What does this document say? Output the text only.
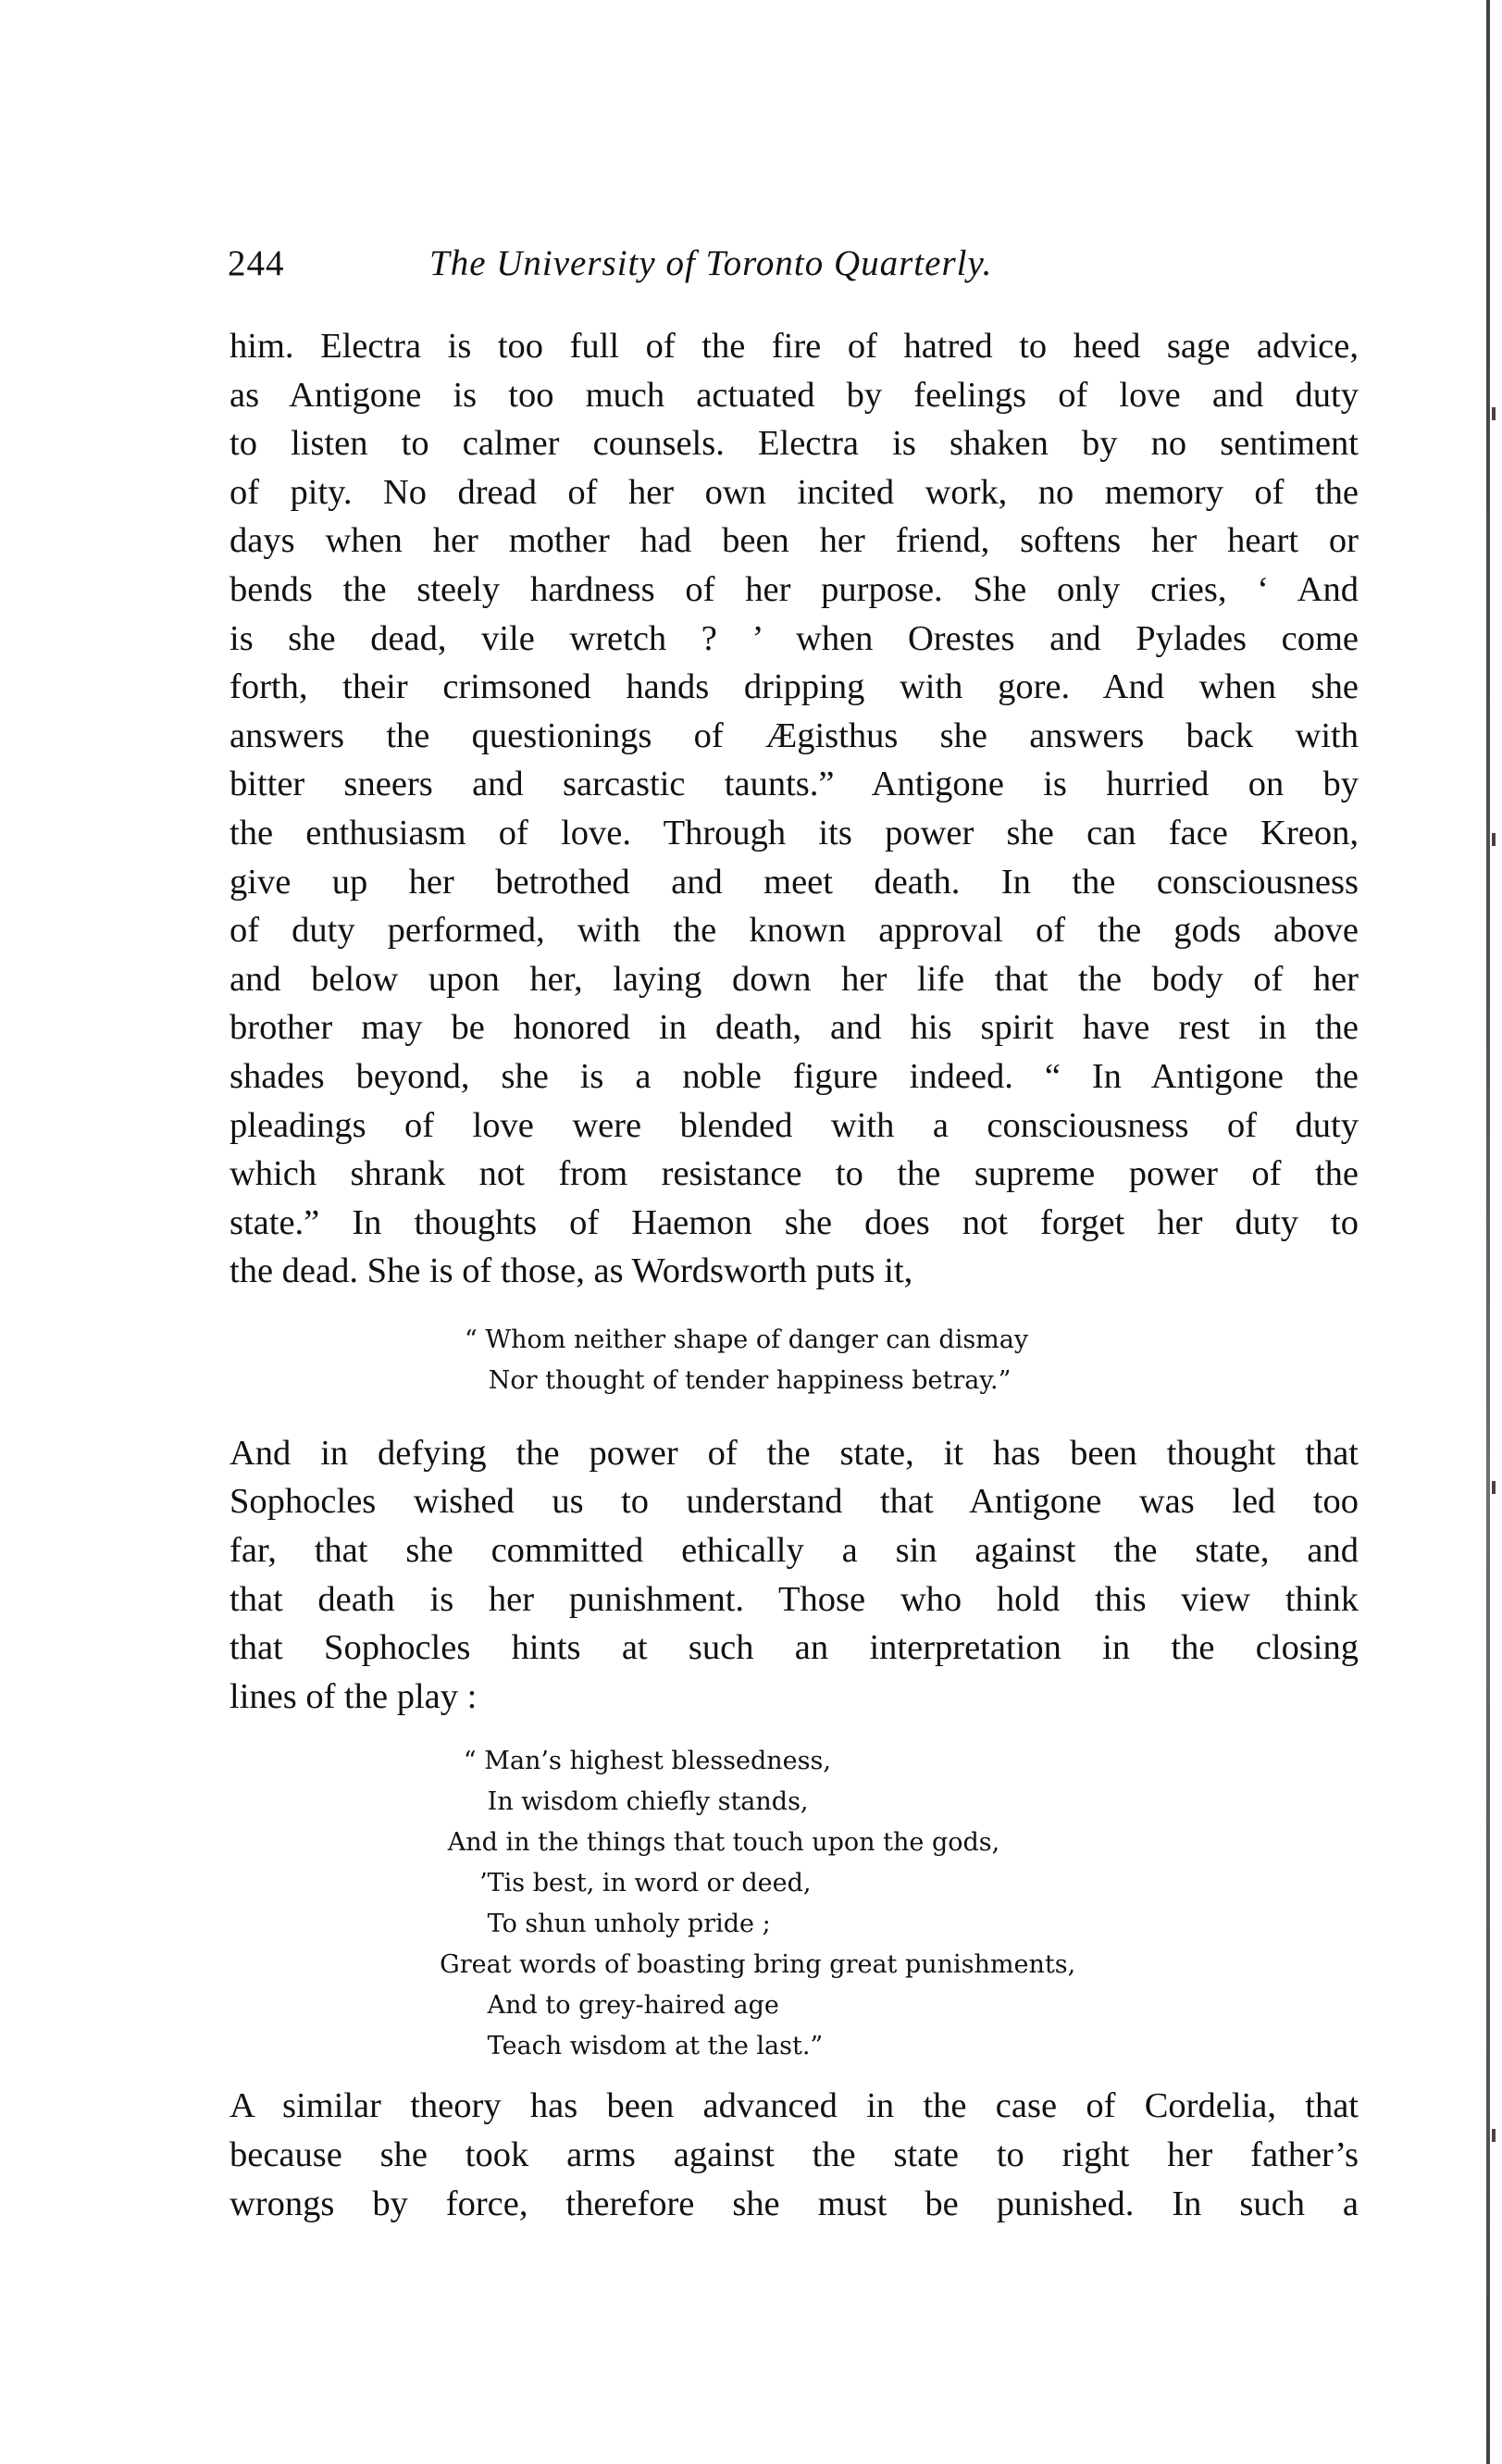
244	The University of Toronto Quarterly.

him. Electra is too full of the fire of hatred to heed sage advice,
as Antigone is too much actuated by feelings of love and duty
to listen to calmer counsels. Electra is shaken by no sentiment
of pity. No dread of her own incited work, no memory of the
days when her mother had been her friend, softens her heart or
bends the steely hardness of her purpose. She only cries, ‘ And
is she dead, vile wretch ? ’ when Orestes and Pylades come
forth, their crimsoned hands dripping with gore. And when she
answers the questionings of Ægisthus she answers back with
bitter sneers and sarcastic taunts.” Antigone is hurried on by
the enthusiasm of love. Through its power she can face Kreon,
give up her betrothed and meet death. In the consciousness
of duty performed, with the known approval of the gods above
and below upon her, laying down her life that the body of her
brother may be honored in death, and his spirit have rest in the
shades beyond, she is a noble figure indeed. “ In Antigone the
pleadings of love were blended with a consciousness of duty
which shrank not from resistance to the supreme power of the
state.” In thoughts of Haemon she does not forget her duty to
the dead. She is of those, as Wordsworth puts it,

“ Whom neither shape of danger can dismay
Nor thought of tender happiness betray.”

And in defying the power of the state, it has been thought that
Sophocles wished us to understand that Antigone was led too
far, that she committed ethically a sin against the state, and
that death is her punishment. Those who hold this view think
that Sophocles hints at such an interpretation in the closing
lines of the play :

“ Man’s highest blessedness,
In wisdom chiefly stands,
And in the things that touch upon the gods,
’Tis best, in word or deed,
To shun unholy pride ;
Great words of boasting bring great punishments,
And to grey-haired age
Teach wisdom at the last.”

A similar theory has been advanced in the case of Cordelia, that
because she took arms against the state to right her father’s
wrongs by force, therefore she must be punished. In such a
